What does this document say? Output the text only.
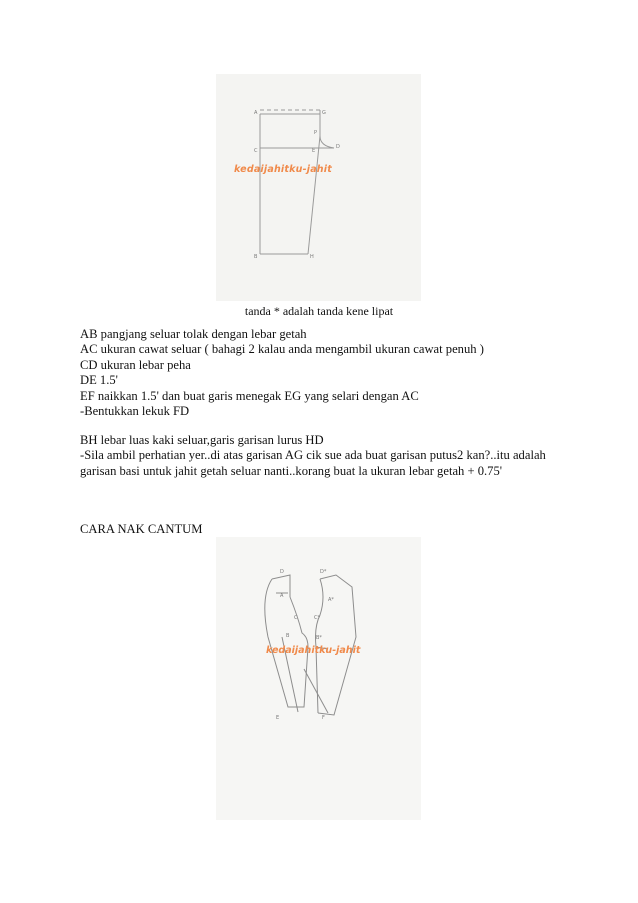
A	G
P
C	E
D
B	H
kedaijahitku-jahit
tanda * adalah tanda kene lipat
AB pangjang seluar tolak dengan lebar getah
AC ukuran cawat seluar ( bahagi 2 kalau anda mengambil ukuran cawat penuh )
CD ukuran lebar peha
DE 1.5'
EF naikkan 1.5' dan buat garis menegak EG yang selari dengan AC
-Bentukkan lekuk FD
BH lebar luas kaki seluar,garis garisan lurus HD
-Sila ambil perhatian yer..di atas garisan AG cik sue ada buat garisan putus2 kan?..itu adalah
garisan basi untuk jahit getah seluar nanti..korang buat la ukuran lebar getah + 0.75'
CARA NAK CANTUM
D	D*
A
A*
C	C*
B	B*
E	F
kedaijahitku-jahit
